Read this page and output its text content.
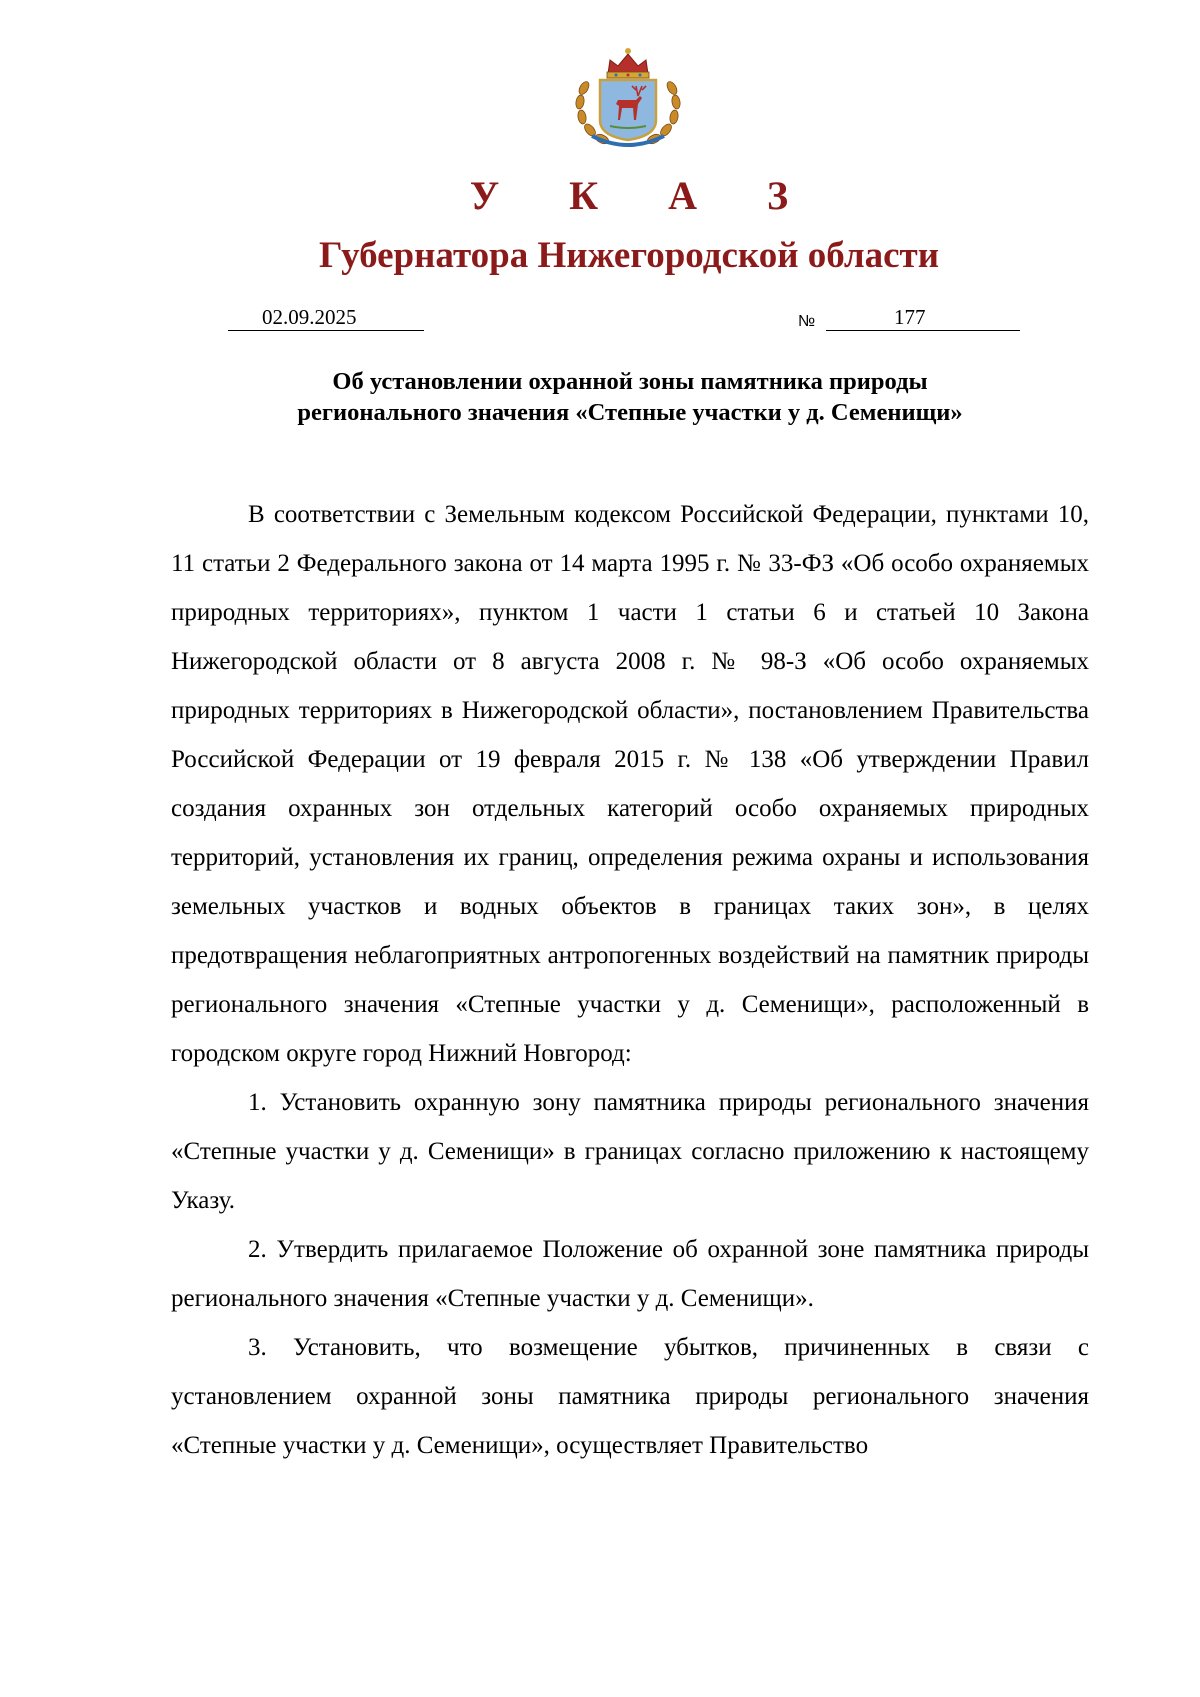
У К А З
Губернатора Нижегородской области
02.09.2025	№	177
Об установлении охранной зоны памятника природы
регионального значения «Степные участки у д. Семенищи»

В соответствии с Земельным кодексом Российской Федерации, пунктами 10, 11 статьи 2 Федерального закона от 14 марта 1995 г. № 33-ФЗ «Об особо охраняемых природных территориях», пунктом 1 части 1 статьи 6 и статьей 10 Закона Нижегородской области от 8 августа 2008 г. № 98-З «Об особо охраняемых природных территориях в Нижегородской области», постановлением Правительства Российской Федерации от 19 февраля 2015 г. № 138 «Об утверждении Правил создания охранных зон отдельных категорий особо охраняемых природных территорий, установления их границ, определения режима охраны и использования земельных участков и водных объектов в границах таких зон», в целях предотвращения неблагоприятных антропогенных воздействий на памятник природы регионального значения «Степные участки у д. Семенищи», расположенный в городском округе город Нижний Новгород:

1. Установить охранную зону памятника природы регионального значения «Степные участки у д. Семенищи» в границах согласно приложению к настоящему Указу.

2. Утвердить прилагаемое Положение об охранной зоне памятника природы регионального значения «Степные участки у д. Семенищи».

3. Установить, что возмещение убытков, причиненных в связи с установлением охранной зоны памятника природы регионального значения «Степные участки у д. Семенищи», осуществляет Правительство
